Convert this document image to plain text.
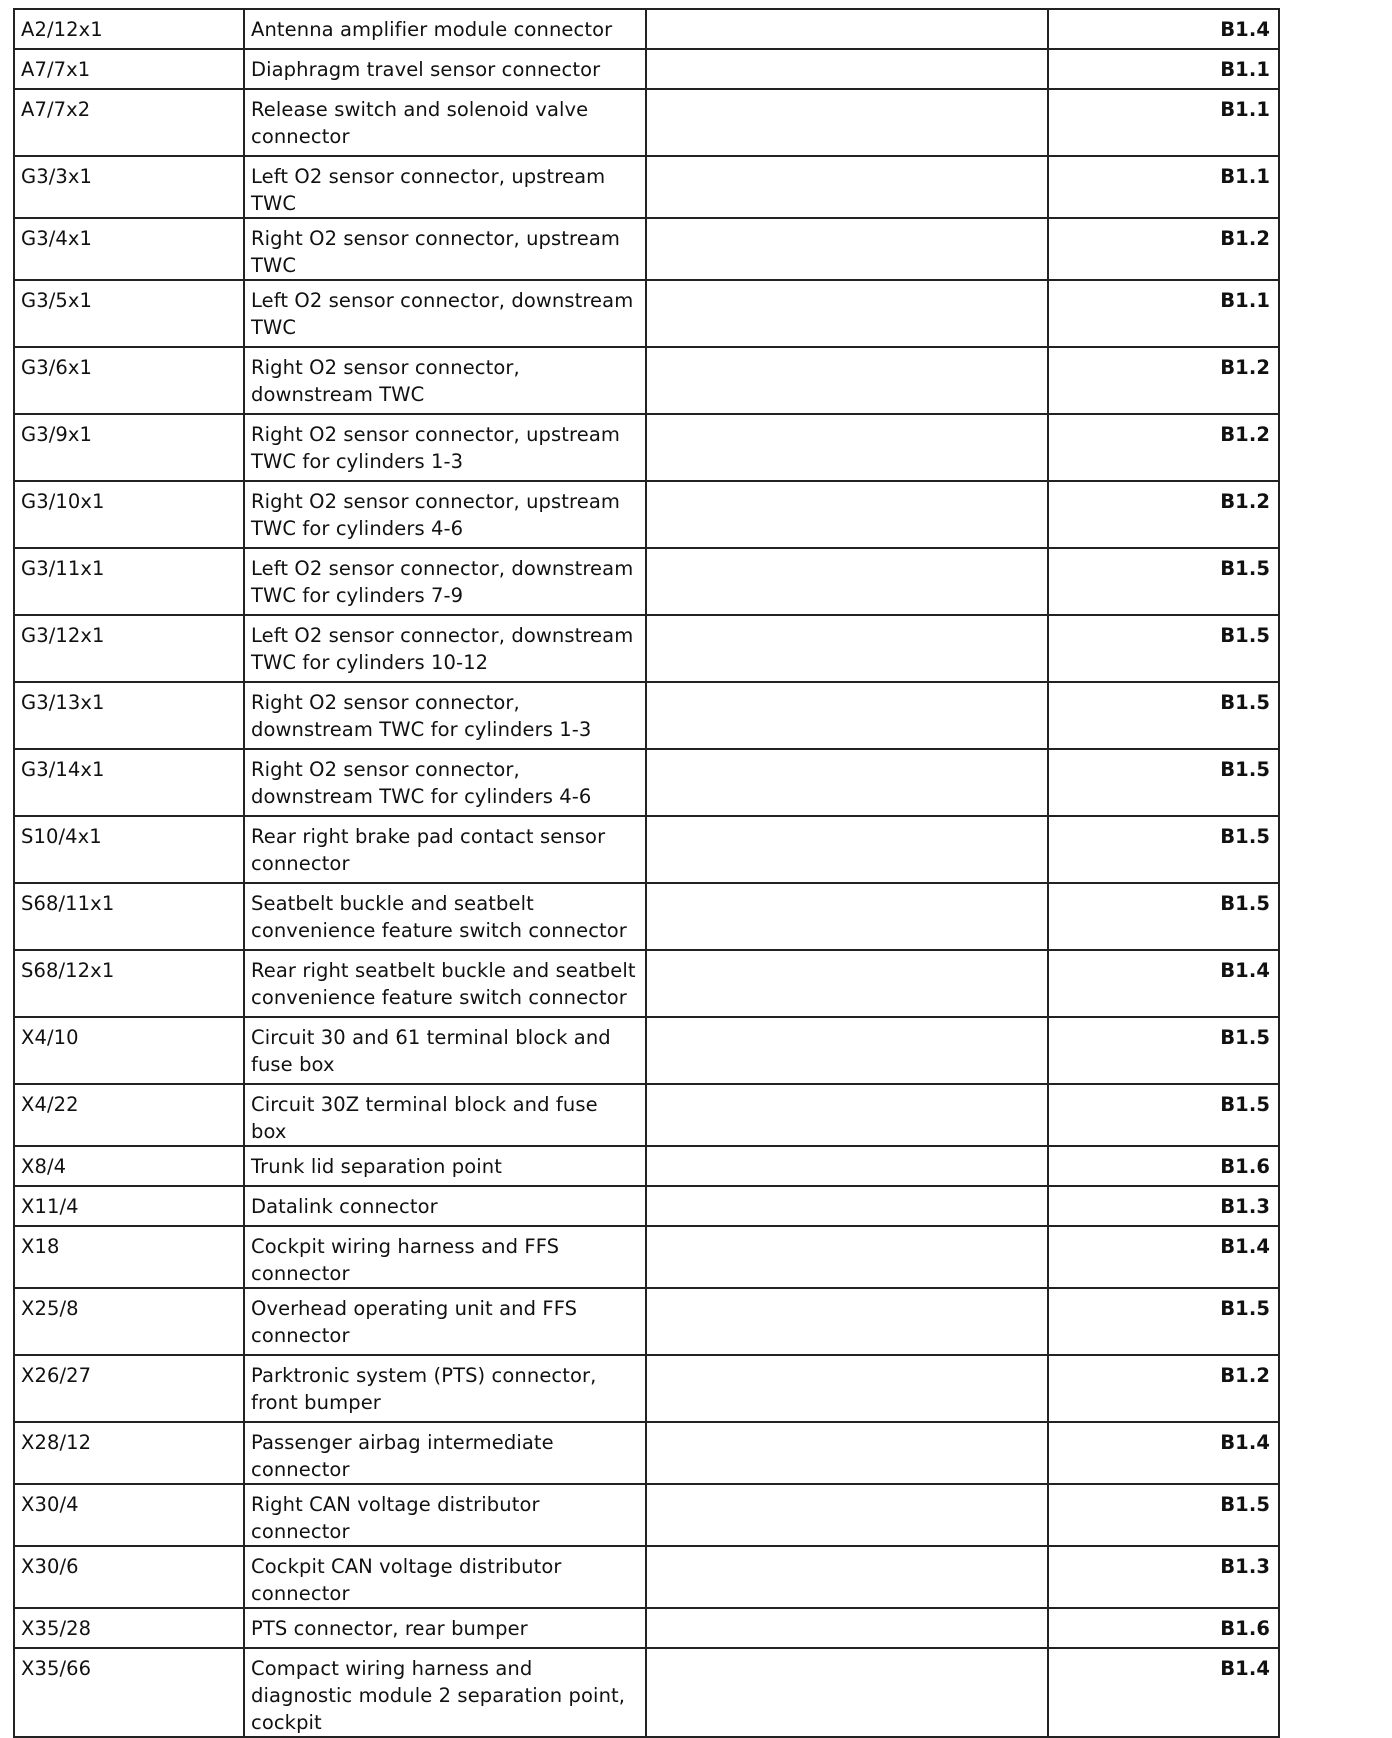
A2/12x1	Antenna amplifier module connector		B1.4
A7/7x1	Diaphragm travel sensor connector		B1.1
A7/7x2	Release switch and solenoid valve connector		B1.1
G3/3x1	Left O2 sensor connector, upstream TWC		B1.1
G3/4x1	Right O2 sensor connector, upstream TWC		B1.2
G3/5x1	Left O2 sensor connector, downstream TWC		B1.1
G3/6x1	Right O2 sensor connector, downstream TWC		B1.2
G3/9x1	Right O2 sensor connector, upstream TWC for cylinders 1-3		B1.2
G3/10x1	Right O2 sensor connector, upstream TWC for cylinders 4-6		B1.2
G3/11x1	Left O2 sensor connector, downstream TWC for cylinders 7-9		B1.5
G3/12x1	Left O2 sensor connector, downstream TWC for cylinders 10-12		B1.5
G3/13x1	Right O2 sensor connector, downstream TWC for cylinders 1-3		B1.5
G3/14x1	Right O2 sensor connector, downstream TWC for cylinders 4-6		B1.5
S10/4x1	Rear right brake pad contact sensor connector		B1.5
S68/11x1	Seatbelt buckle and seatbelt convenience feature switch connector		B1.5
S68/12x1	Rear right seatbelt buckle and seatbelt convenience feature switch connector		B1.4
X4/10	Circuit 30 and 61 terminal block and fuse box		B1.5
X4/22	Circuit 30Z terminal block and fuse box		B1.5
X8/4	Trunk lid separation point		B1.6
X11/4	Datalink connector		B1.3
X18	Cockpit wiring harness and FFS connector		B1.4
X25/8	Overhead operating unit and FFS connector		B1.5
X26/27	Parktronic system (PTS) connector, front bumper		B1.2
X28/12	Passenger airbag intermediate connector		B1.4
X30/4	Right CAN voltage distributor connector		B1.5
X30/6	Cockpit CAN voltage distributor connector		B1.3
X35/28	PTS connector, rear bumper		B1.6
X35/66	Compact wiring harness and diagnostic module 2 separation point, cockpit		B1.4
